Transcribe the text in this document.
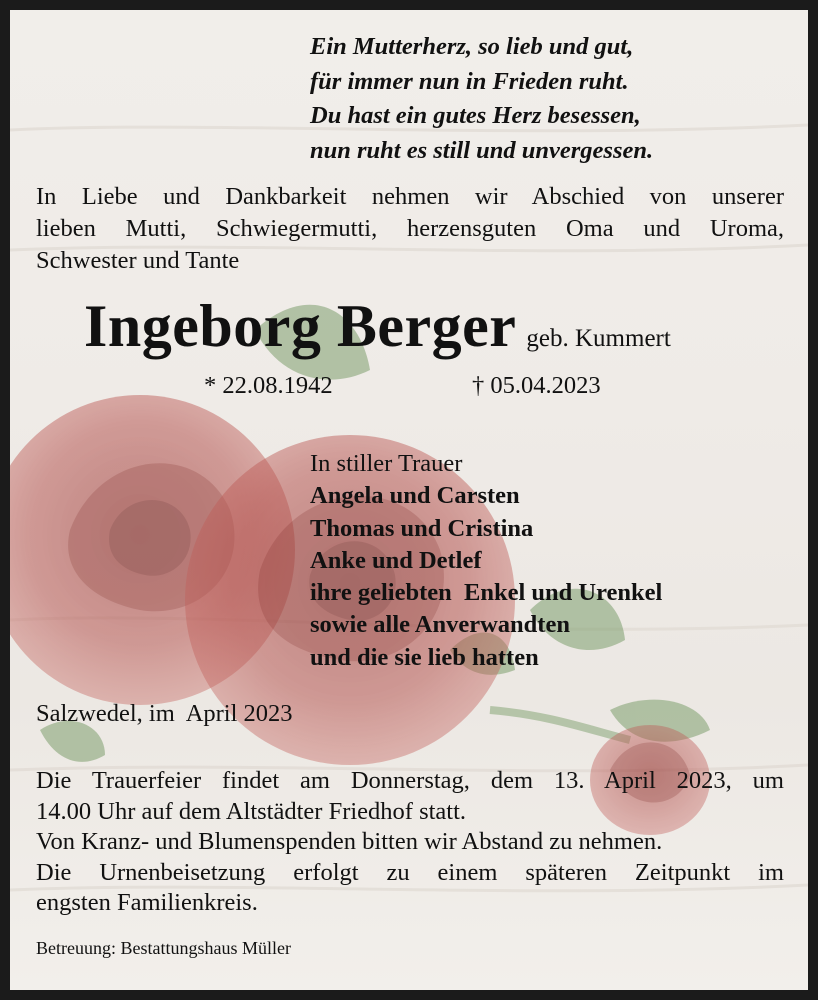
Ein Mutterherz, so lieb und gut,
für immer nun in Frieden ruht.
Du hast ein gutes Herz besessen,
nun ruht es still und unvergessen.
In Liebe und Dankbarkeit nehmen wir Abschied von unserer
lieben Mutti, Schwiegermutti, herzensguten Oma und Uroma,
Schwester und Tante
Ingeborg Berger geb. Kummert
* 22.08.1942	† 05.04.2023
In stiller Trauer
Angela und Carsten
Thomas und Cristina
Anke und Detlef
ihre geliebten  Enkel und Urenkel
sowie alle Anverwandten
und die sie lieb hatten
Salzwedel, im  April 2023
Die Trauerfeier findet am Donnerstag, dem 13. April 2023, um
14.00 Uhr auf dem Altstädter Friedhof statt.
Von Kranz- und Blumenspenden bitten wir Abstand zu nehmen.
Die Urnenbeisetzung erfolgt zu einem späteren Zeitpunkt im
engsten Familienkreis.
Betreuung: Bestattungshaus Müller
